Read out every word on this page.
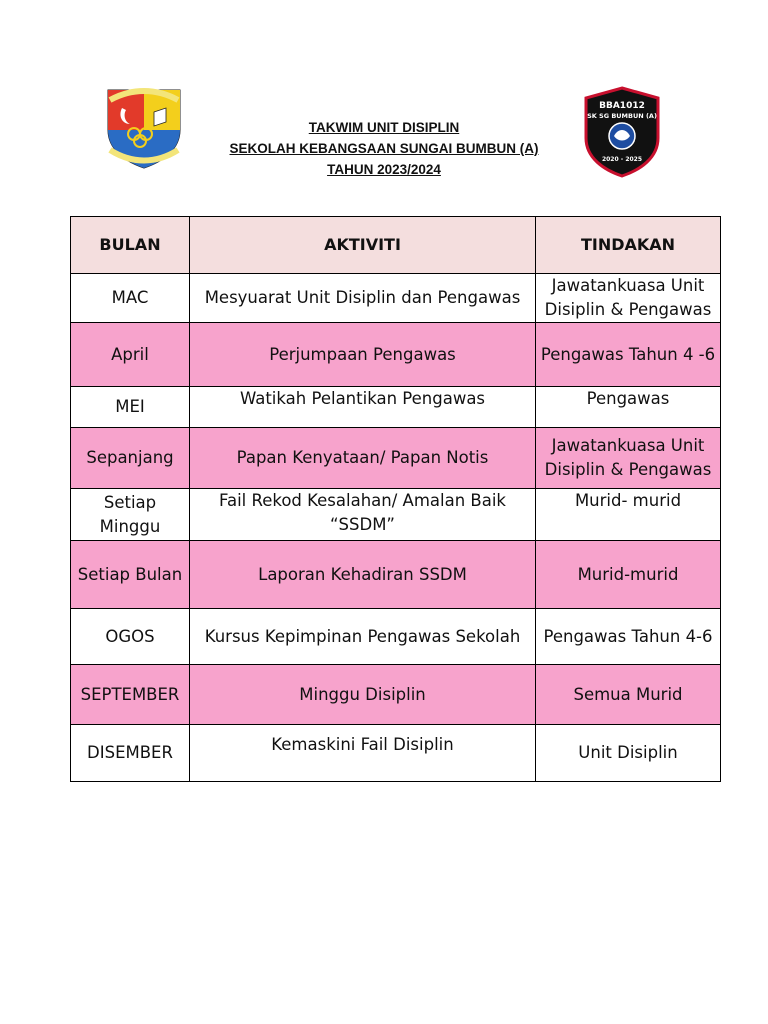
BBA1012
SK SG BUMBUN (A)
2020 - 2025
TAKWIM UNIT DISIPLIN
SEKOLAH KEBANGSAAN SUNGAI BUMBUN (A)
TAHUN 2023/2024
BULAN	AKTIVITI	TINDAKAN
MAC	Mesyuarat Unit Disiplin dan Pengawas	Jawatankuasa Unit Disiplin & Pengawas
April	Perjumpaan Pengawas	Pengawas Tahun 4 -6
MEI	Watikah Pelantikan Pengawas	Pengawas
Sepanjang	Papan Kenyataan/ Papan Notis	Jawatankuasa Unit Disiplin & Pengawas
Setiap Minggu	Fail Rekod Kesalahan/ Amalan Baik “SSDM”	Murid- murid
Setiap Bulan	Laporan Kehadiran SSDM	Murid-murid
OGOS	Kursus Kepimpinan Pengawas Sekolah	Pengawas Tahun 4-6
SEPTEMBER	Minggu Disiplin	Semua Murid
DISEMBER	Kemaskini Fail Disiplin	Unit Disiplin
